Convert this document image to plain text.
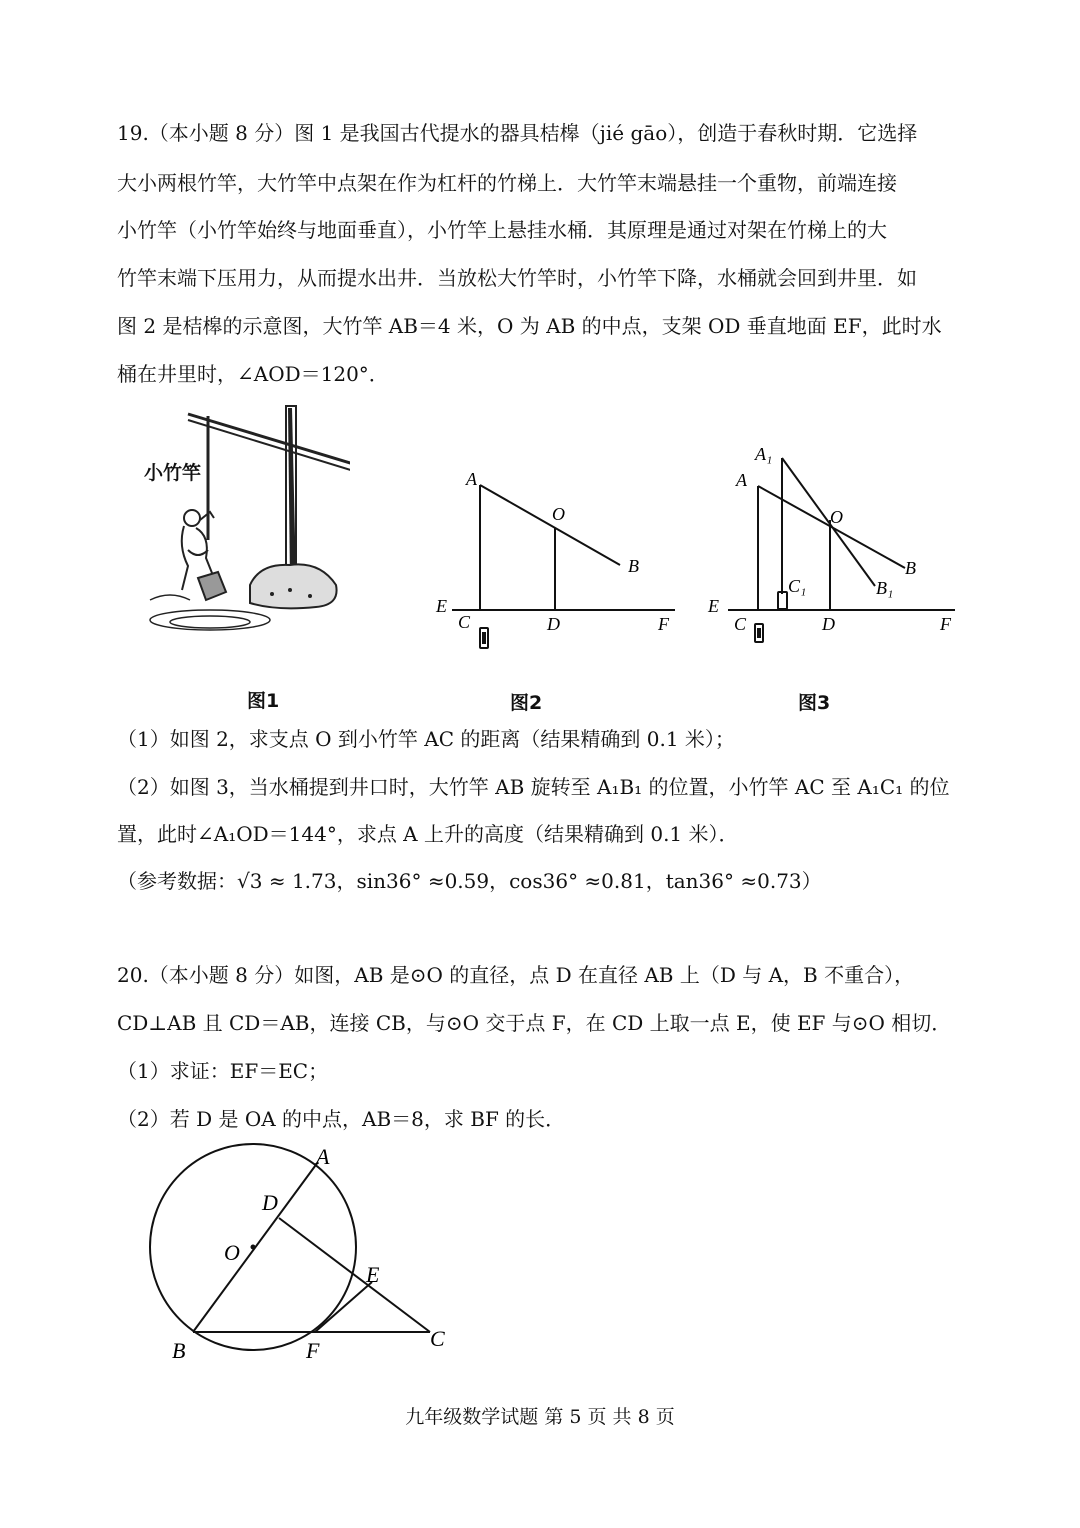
19.（本小题 8 分）图 1 是我国古代提水的器具桔槔（jié gāo），创造于春秋时期．它选择
大小两根竹竿，大竹竿中点架在作为杠杆的竹梯上．大竹竿末端悬挂一个重物，前端连接
小竹竿（小竹竿始终与地面垂直），小竹竿上悬挂水桶．其原理是通过对架在竹梯上的大
竹竿末端下压用力，从而提水出井．当放松大竹竿时，小竹竿下降，水桶就会回到井里．如
图 2 是桔槔的示意图，大竹竿 AB＝4 米，O 为 AB 的中点，支架 OD 垂直地面 EF，此时水
桶在井里时，∠AOD＝120°．
小竹竿	A
O
B
E
C	D	F
A₁
A
O
B
C₁	B₁
E
C	D	F
图1	图2	图3
（1）如图 2，求支点 O 到小竹竿 AC 的距离（结果精确到 0.1 米）；
（2）如图 3，当水桶提到井口时，大竹竿 AB 旋转至 A₁B₁ 的位置，小竹竿 AC 至 A₁C₁ 的位
置，此时∠A₁OD＝144°，求点 A 上升的高度（结果精确到 0.1 米）．
（参考数据：√3 ≈ 1.73，sin36° ≈0.59，cos36° ≈0.81，tan36° ≈0.73）
20.（本小题 8 分）如图，AB 是⊙O 的直径，点 D 在直径 AB 上（D 与 A，B 不重合），
CD⊥AB 且 CD＝AB，连接 CB，与⊙O 交于点 F，在 CD 上取一点 E，使 EF 与⊙O 相切．
（1）求证：EF＝EC；
（2）若 D 是 OA 的中点，AB＝8，求 BF 的长．
A
D
O
E
B	F	C
九年级数学试题 第 5 页 共 8 页
